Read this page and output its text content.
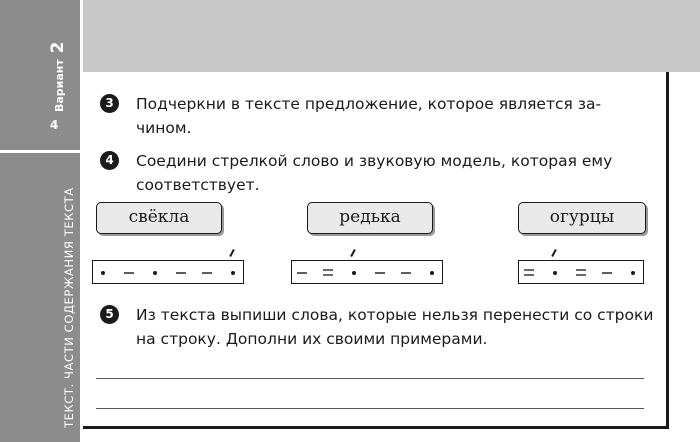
Вариант 2
4
ТЕКСТ. ЧАСТИ СОДЕРЖАНИЯ ТЕКСТА
3	Подчеркни в тексте предложение, которое является за-
чином.
4	Соедини стрелкой слово и звуковую модель, которая ему соответствует.
свёкла	редька	огурцы
5	Из текста выпиши слова, которые нельзя перенести со строки на строку. Дополни их своими примерами.
